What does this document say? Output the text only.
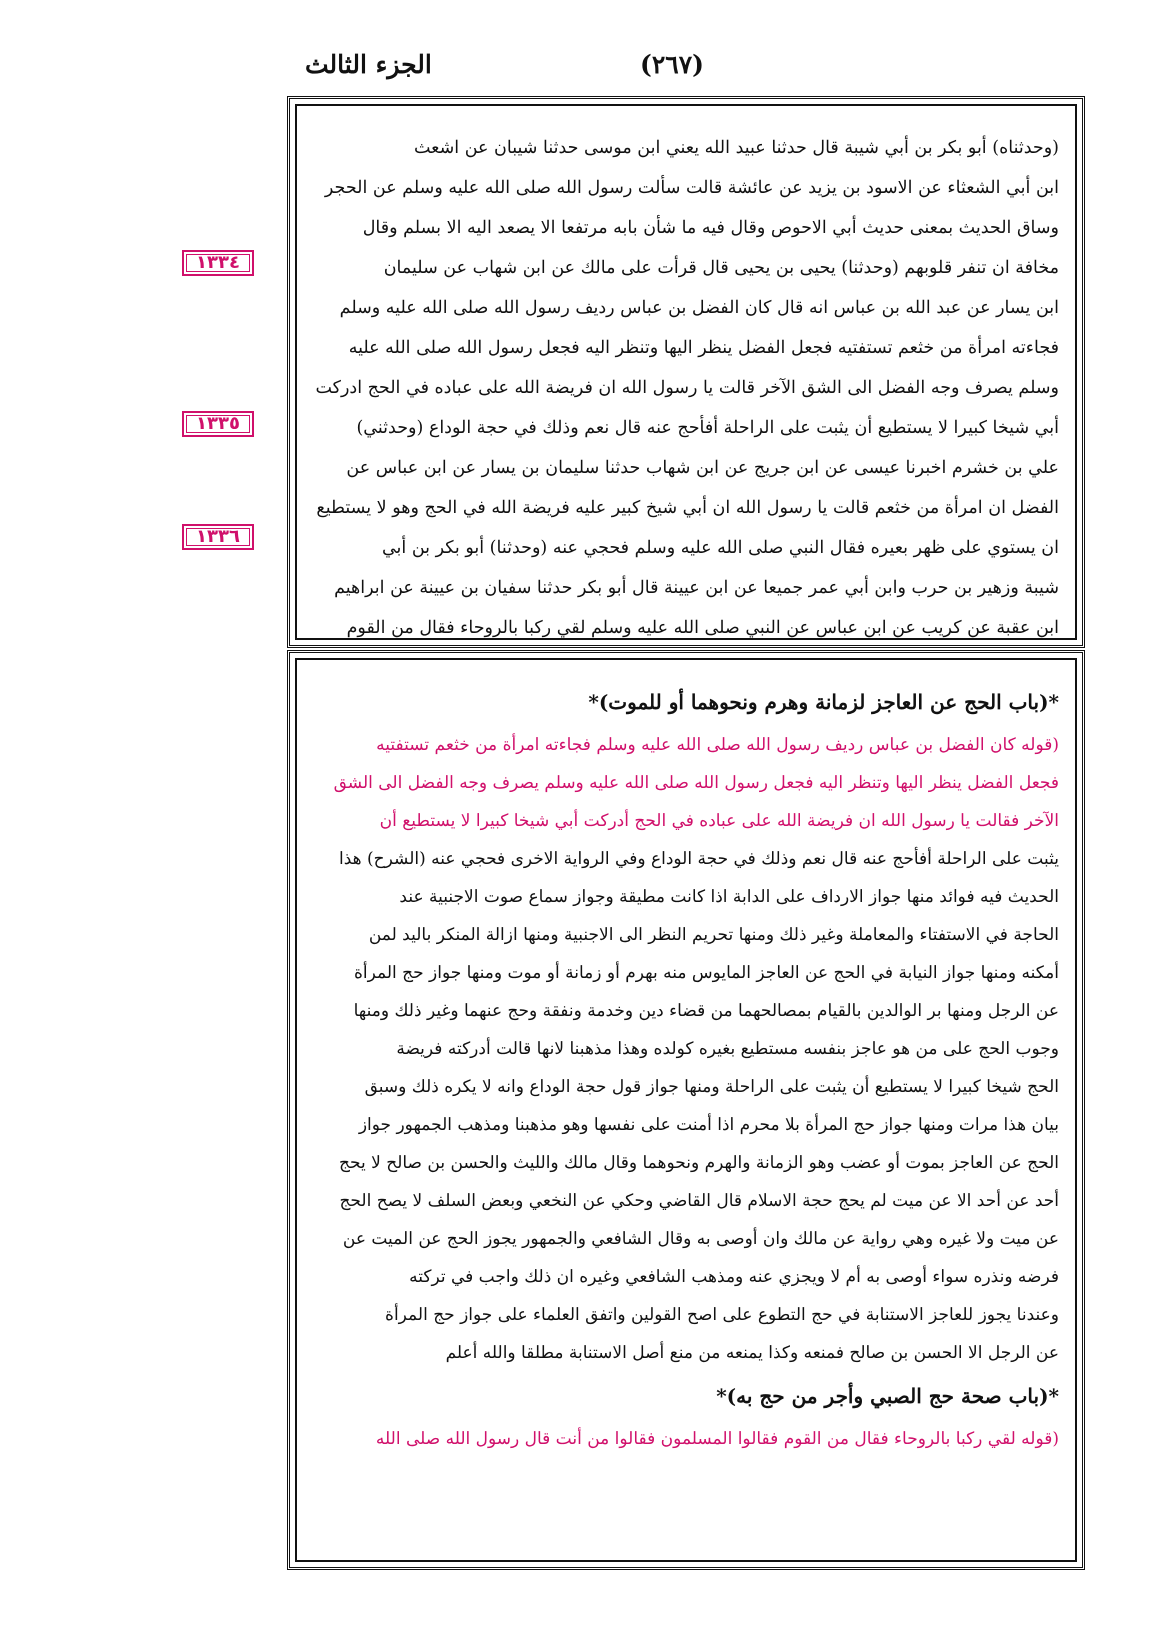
الجزء الثالث	(٢٦٧)
١٣٣٤
١٣٣٥
١٣٣٦
(وحدثناه) أبو بكر بن أبي شيبة قال حدثنا عبيد الله يعني ابن موسى حدثنا شيبان عن اشعث
ابن أبي الشعثاء عن الاسود بن يزيد عن عائشة قالت سألت رسول الله صلى الله عليه وسلم عن الحجر
وساق الحديث بمعنى حديث أبي الاحوص وقال فيه ما شأن بابه مرتفعا الا يصعد اليه الا بسلم وقال
مخافة ان تنفر قلوبهم (وحدثنا) يحيى بن يحيى قال قرأت على مالك عن ابن شهاب عن سليمان
ابن يسار عن عبد الله بن عباس انه قال كان الفضل بن عباس رديف رسول الله صلى الله عليه وسلم
فجاءته امرأة من خثعم تستفتيه فجعل الفضل ينظر اليها وتنظر اليه فجعل رسول الله صلى الله عليه
وسلم يصرف وجه الفضل الى الشق الآخر قالت يا رسول الله ان فريضة الله على عباده في الحج ادركت
أبي شيخا كبيرا لا يستطيع أن يثبت على الراحلة أفأحج عنه قال نعم وذلك في حجة الوداع (وحدثني)
علي بن خشرم اخبرنا عيسى عن ابن جريج عن ابن شهاب حدثنا سليمان بن يسار عن ابن عباس عن
الفضل ان امرأة من خثعم قالت يا رسول الله ان أبي شيخ كبير عليه فريضة الله في الحج وهو لا يستطيع
ان يستوي على ظهر بعيره فقال النبي صلى الله عليه وسلم فحجي عنه (وحدثنا) أبو بكر بن أبي
شيبة وزهير بن حرب وابن أبي عمر جميعا عن ابن عيينة قال أبو بكر حدثنا سفيان بن عيينة عن ابراهيم
ابن عقبة عن كريب عن ابن عباس عن النبي صلى الله عليه وسلم لقي ركبا بالروحاء فقال من القوم
*(باب الحج عن العاجز لزمانة وهرم ونحوهما أو للموت)*
(قوله كان الفضل بن عباس رديف رسول الله صلى الله عليه وسلم فجاءته امرأة من خثعم تستفتيه
فجعل الفضل ينظر اليها وتنظر اليه فجعل رسول الله صلى الله عليه وسلم يصرف وجه الفضل الى الشق
الآخر فقالت يا رسول الله ان فريضة الله على عباده في الحج أدركت أبي شيخا كبيرا لا يستطيع أن
يثبت على الراحلة أفأحج عنه قال نعم وذلك في حجة الوداع وفي الرواية الاخرى فحجي عنه (الشرح) هذا
الحديث فيه فوائد منها جواز الارداف على الدابة اذا كانت مطيقة وجواز سماع صوت الاجنبية عند
الحاجة في الاستفتاء والمعاملة وغير ذلك ومنها تحريم النظر الى الاجنبية ومنها ازالة المنكر باليد لمن
أمكنه ومنها جواز النيابة في الحج عن العاجز المايوس منه بهرم أو زمانة أو موت ومنها جواز حج المرأة
عن الرجل ومنها بر الوالدين بالقيام بمصالحهما من قضاء دين وخدمة ونفقة وحج عنهما وغير ذلك ومنها
وجوب الحج على من هو عاجز بنفسه مستطيع بغيره كولده وهذا مذهبنا لانها قالت أدركته فريضة
الحج شيخا كبيرا لا يستطيع أن يثبت على الراحلة ومنها جواز قول حجة الوداع وانه لا يكره ذلك وسبق
بيان هذا مرات ومنها جواز حج المرأة بلا محرم اذا أمنت على نفسها وهو مذهبنا ومذهب الجمهور جواز
الحج عن العاجز بموت أو عضب وهو الزمانة والهرم ونحوهما وقال مالك والليث والحسن بن صالح لا يحج
أحد عن أحد الا عن ميت لم يحج حجة الاسلام قال القاضي وحكي عن النخعي وبعض السلف لا يصح الحج
عن ميت ولا غيره وهي رواية عن مالك وان أوصى به وقال الشافعي والجمهور يجوز الحج عن الميت عن
فرضه ونذره سواء أوصى به أم لا ويجزي عنه ومذهب الشافعي وغيره ان ذلك واجب في تركته
وعندنا يجوز للعاجز الاستنابة في حج التطوع على اصح القولين واتفق العلماء على جواز حج المرأة
عن الرجل الا الحسن بن صالح فمنعه وكذا يمنعه من منع أصل الاستنابة مطلقا والله أعلم
*(باب صحة حج الصبي وأجر من حج به)*
(قوله لقي ركبا بالروحاء فقال من القوم فقالوا المسلمون فقالوا من أنت قال رسول الله صلى الله
